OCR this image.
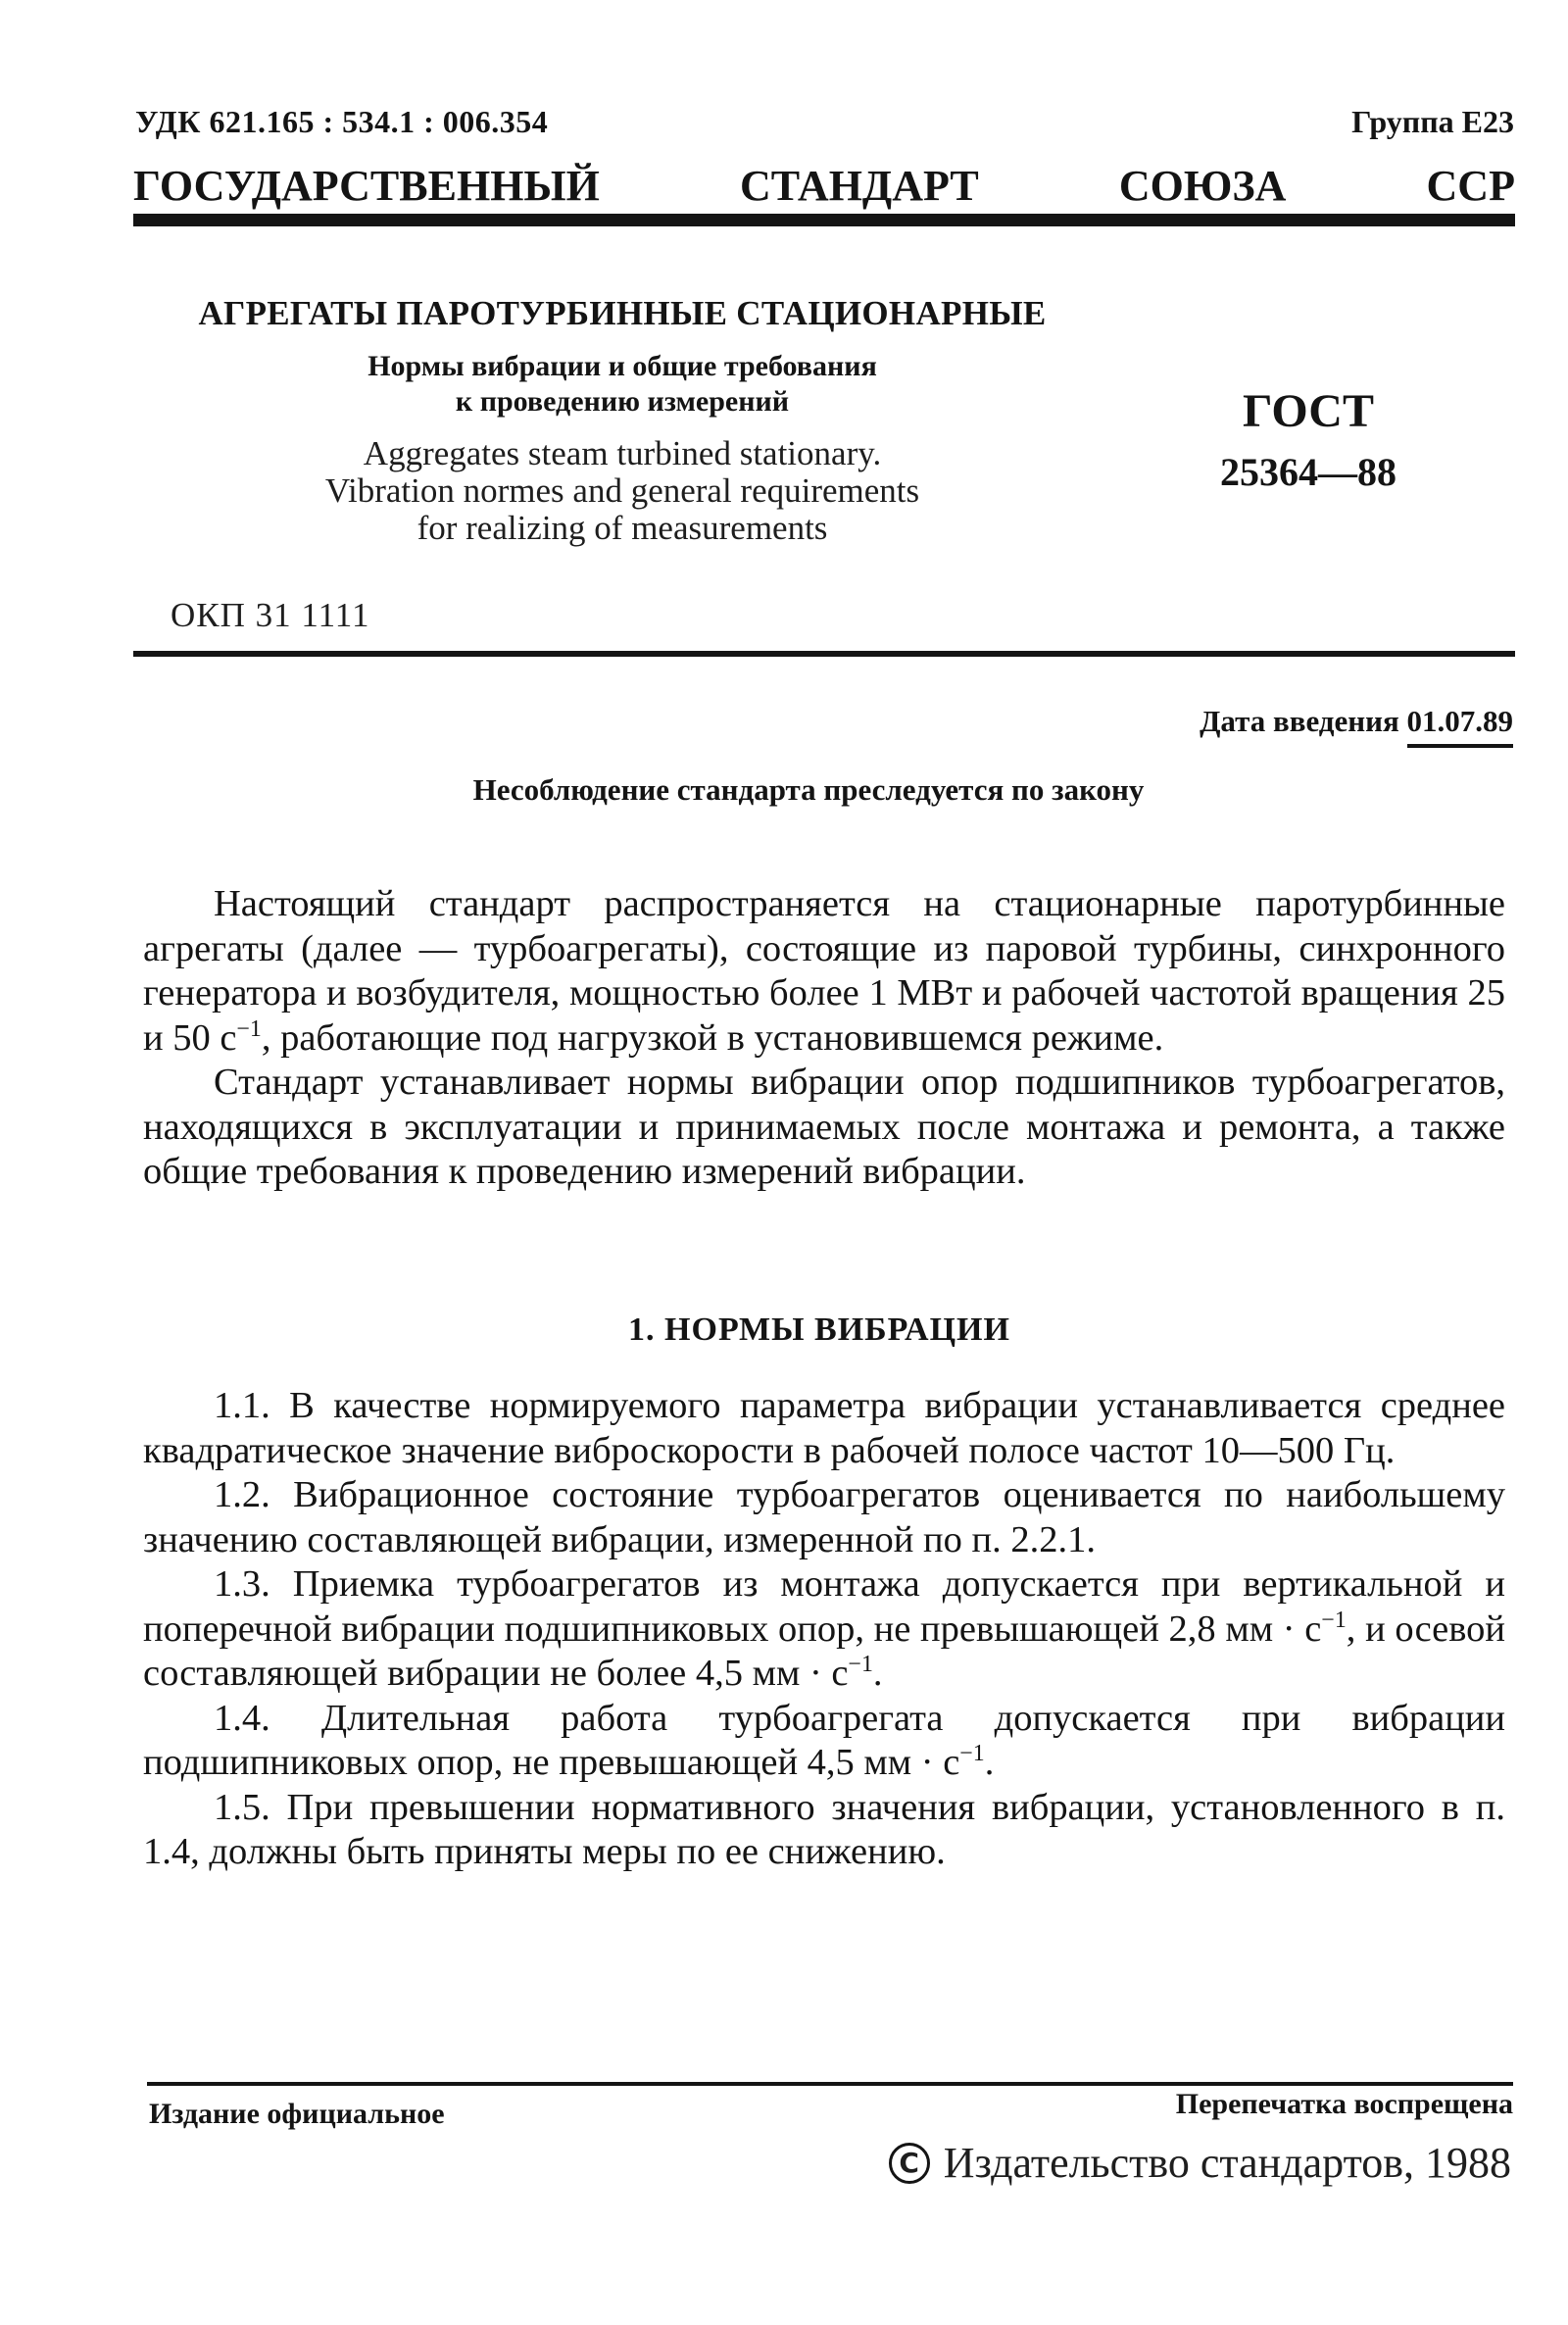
УДК 621.165 : 534.1 : 006.354	Группа Е23
ГОСУДАРСТВЕННЫЙ	СТАНДАРТ	СОЮЗА	ССР
АГРЕГАТЫ ПАРОТУРБИННЫЕ СТАЦИОНАРНЫЕ
Нормы вибрации и общие требования
к проведению измерений
Aggregates steam turbined stationary.
Vibration normes and general requirements
for realizing of measurements
ГОСТ
25364—88
ОКП 31 1111
Дата введения 01.07.89
Несоблюдение стандарта преследуется по закону

Настоящий стандарт распространяется на стационарные паротурбинные агрегаты (далее — турбоагрегаты), состоящие из паровой турбины, синхронного генератора и возбудителя, мощностью более 1 МВт и рабочей частотой вращения 25 и 50 $с^{-1}$, работающие под нагрузкой в установившемся режиме.

Стандарт устанавливает нормы вибрации опор подшипников турбоагрегатов, находящихся в эксплуатации и принимаемых после монтажа и ремонта, а также общие требования к проведению измерений вибрации.

1. НОРМЫ ВИБРАЦИИ

1.1. В качестве нормируемого параметра вибрации устанавливается среднее квадратическое значение виброскорости в рабочей полосе частот 10—500 Гц.

1.2. Вибрационное состояние турбоагрегатов оценивается по наибольшему значению составляющей вибрации, измеренной по п. 2.2.1.

1.3. Приемка турбоагрегатов из монтажа допускается при вертикальной и поперечной вибрации подшипниковых опор, не превышающей 2,8 мм · $с^{-1}$, и осевой составляющей вибрации не более 4,5 мм · $с^{-1}$.

1.4. Длительная работа турбоагрегата допускается при вибрации подшипниковых опор, не превышающей 4,5 мм · $с^{-1}$.

1.5. При превышении нормативного значения вибрации, установленного в п. 1.4, должны быть приняты меры по ее снижению.

Издание официальное	Перепечатка воспрещена
C Издательство стандартов, 1988
